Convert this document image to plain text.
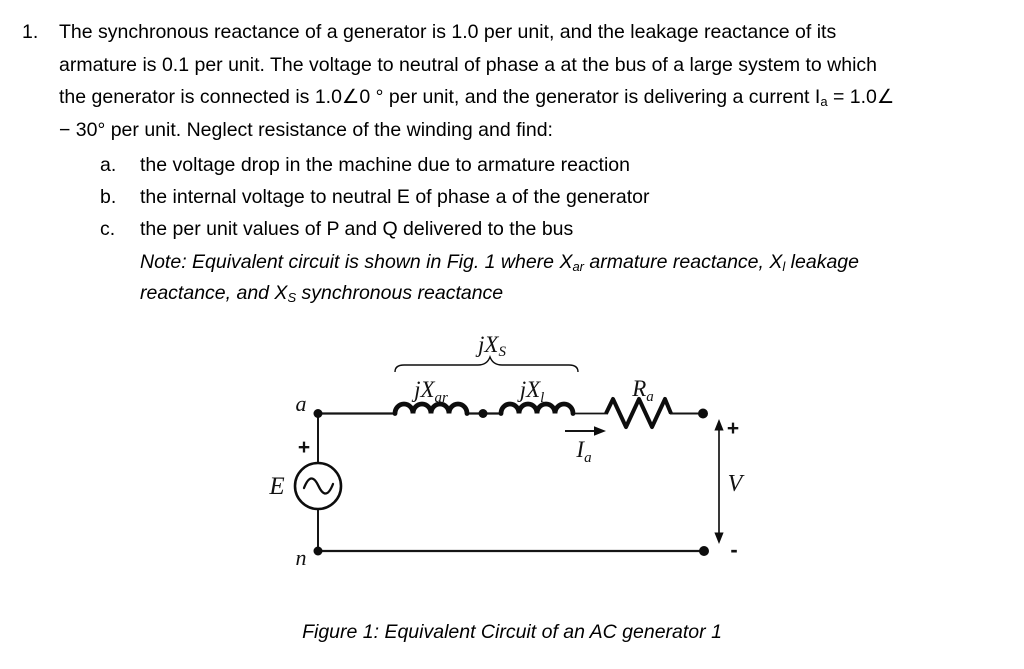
1.	The synchronous reactance of a generator is 1.0 per unit, and the leakage reactance of its
armature is 0.1 per unit. The voltage to neutral of phase a at the bus of a large system to which
the generator is connected is 1.0∠0 ° per unit, and the generator is delivering a current $I_a$ = 1.0∠
− 30° per unit. Neglect resistance of the winding and find:
a.	the voltage drop in the machine due to armature reaction
b.	the internal voltage to neutral E of phase a of the generator
c.	the per unit values of P and Q delivered to the bus
Note: Equivalent circuit is shown in Fig. 1 where $X_{ar}$ armature reactance, $X_l$ leakage
reactance, and $X_S$ synchronous reactance
jXS
$jX_{ar}$	$jX_l$	$R_a$
a
n
+
E
$I_a$
+
V
-
Figure 1: Equivalent Circuit of an AC generator 1
